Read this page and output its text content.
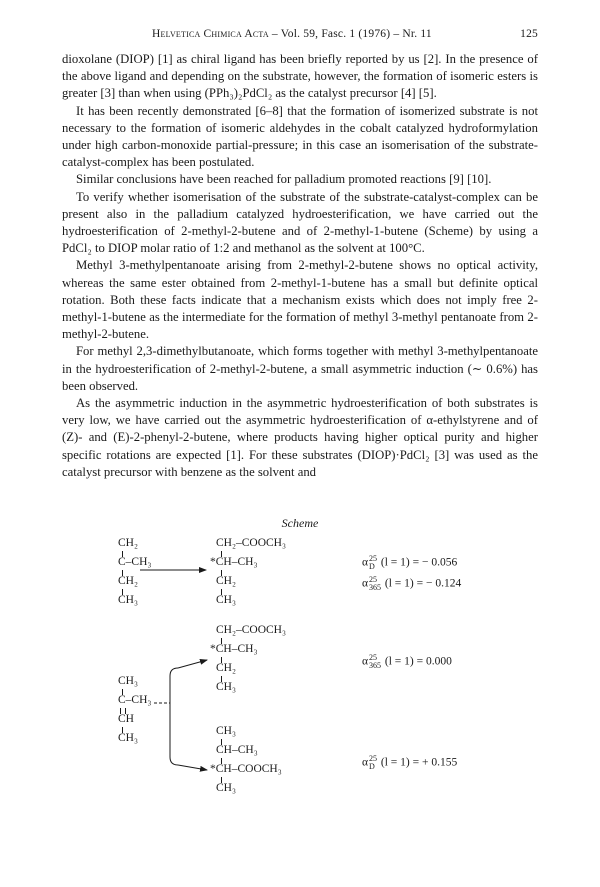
Helvetica Chimica Acta – Vol. 59, Fasc. 1 (1976) – Nr. 11	125

dioxolane (DIOP) [1] as chiral ligand has been briefly reported by us [2]. In the presence of the above ligand and depending on the substrate, however, the formation of isomeric esters is greater [3] than when using (PPh₃)₂PdCl₂ as the catalyst precursor [4] [5].

It has been recently demonstrated [6–8] that the formation of isomerized substrate is not necessary to the formation of isomeric aldehydes in the cobalt catalyzed hydroformylation under high carbon-monoxide partial-pressure; in this case an isomerisation of the substrate-catalyst-complex has been postulated.

Similar conclusions have been reached for palladium promoted reactions [9] [10].

To verify whether isomerisation of the substrate of the substrate-catalyst-complex can be present also in the palladium catalyzed hydroesterification, we have carried out the hydroesterification of 2-methyl-2-butene and of 2-methyl-1-butene (Scheme) by using a PdCl₂ to DIOP molar ratio of 1:2 and methanol as the solvent at 100°C.

Methyl 3-methylpentanoate arising from 2-methyl-2-butene shows no optical activity, whereas the same ester obtained from 2-methyl-1-butene has a small but definite optical rotation. Both these facts indicate that a mechanism exists which does not imply free 2-methyl-1-butene as the intermediate for the formation of methyl 3-methyl pentanoate from 2-methyl-2-butene.

For methyl 2,3-dimethylbutanoate, which forms together with methyl 3-methylpentanoate in the hydroesterification of 2-methyl-2-butene, a small asymmetric induction (∼ 0.6%) has been observed.

As the asymmetric induction in the asymmetric hydroesterification of both substrates is very low, we have carried out the asymmetric hydroesterification of α-ethylstyrene and of (Z)- and (E)-2-phenyl-2-butene, where products having higher optical purity and higher specific rotations are expected [1]. For these substrates (DIOP)·PdCl₂ [3] was used as the catalyst precursor with benzene as the solvent and

Scheme
CH₂
C–CH₃
CH₂
CH₃
CH₂–COOCH₃
*CH–CH₃
CH₂
CH₃
α 25
D (l = 1) = − 0.056
α 25
365 (l = 1) = − 0.124
CH₃
C–CH₃
CH
CH₃
CH₂–COOCH₃
*CH–CH₃
CH₂
CH₃
CH₃
CH–CH₃
*CH–COOCH₃
CH₃
α 25
365 (l = 1) = 0.000
α 25
D (l = 1) = + 0.155
